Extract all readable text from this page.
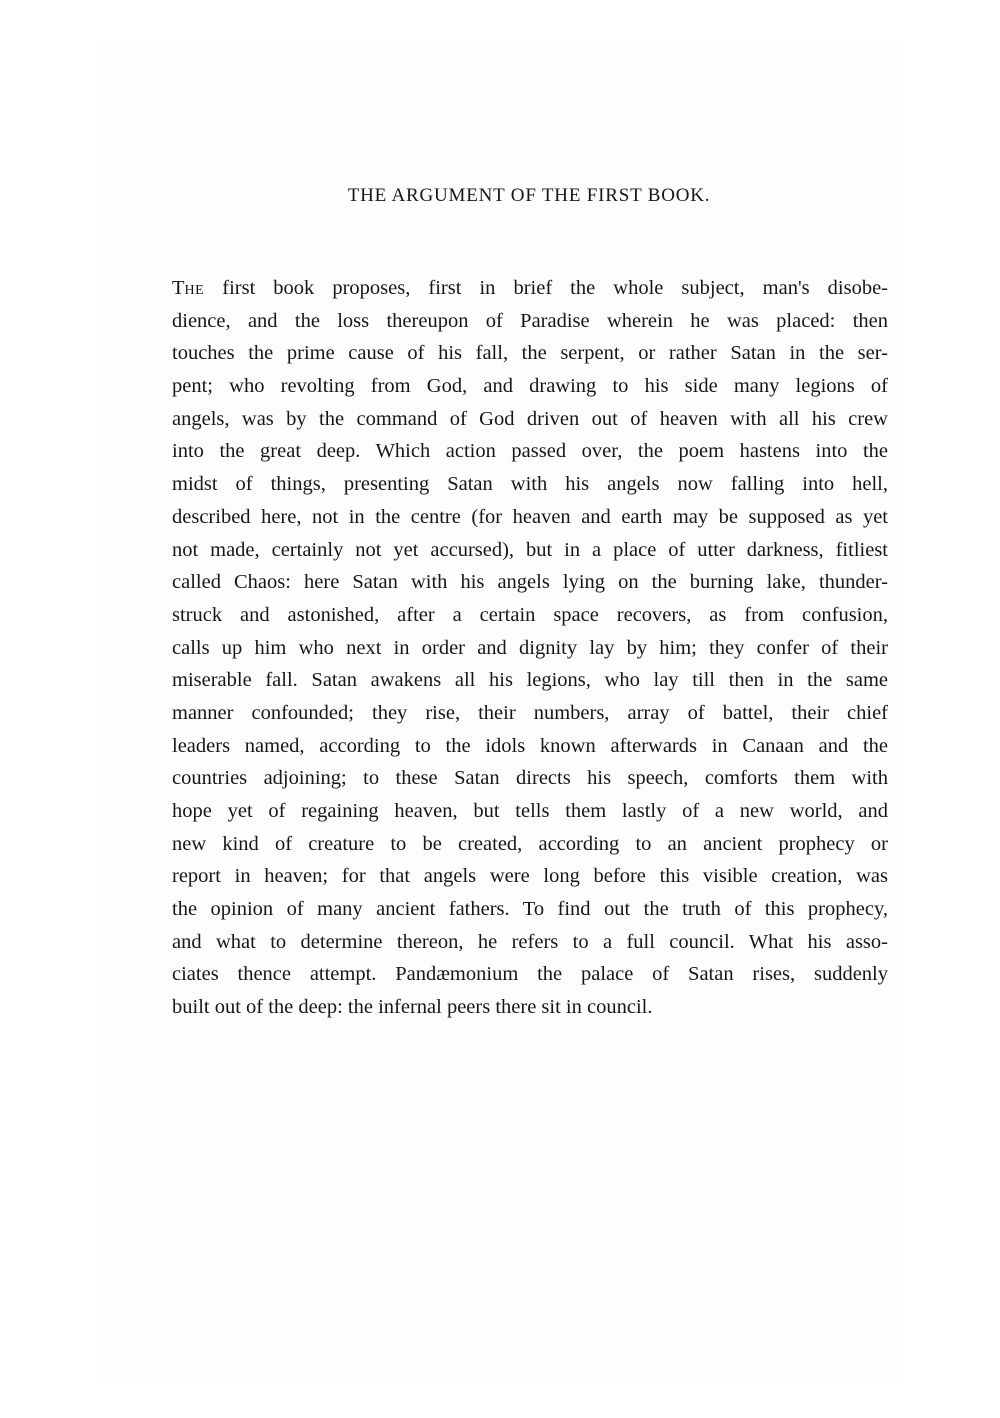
THE ARGUMENT OF THE FIRST BOOK.
THE first book proposes, first in brief the whole subject, man's disobe-
dience, and the loss thereupon of Paradise wherein he was placed: then
touches the prime cause of his fall, the serpent, or rather Satan in the ser-
pent; who revolting from God, and drawing to his side many legions of
angels, was by the command of God driven out of heaven with all his crew
into the great deep. Which action passed over, the poem hastens into the
midst of things, presenting Satan with his angels now falling into hell,
described here, not in the centre (for heaven and earth may be supposed as yet
not made, certainly not yet accursed), but in a place of utter darkness, fitliest
called Chaos: here Satan with his angels lying on the burning lake, thunder-
struck and astonished, after a certain space recovers, as from confusion,
calls up him who next in order and dignity lay by him; they confer of their
miserable fall. Satan awakens all his legions, who lay till then in the same
manner confounded; they rise, their numbers, array of battel, their chief
leaders named, according to the idols known afterwards in Canaan and the
countries adjoining; to these Satan directs his speech, comforts them with
hope yet of regaining heaven, but tells them lastly of a new world, and
new kind of creature to be created, according to an ancient prophecy or
report in heaven; for that angels were long before this visible creation, was
the opinion of many ancient fathers. To find out the truth of this prophecy,
and what to determine thereon, he refers to a full council. What his asso-
ciates thence attempt. Pandæmonium the palace of Satan rises, suddenly
built out of the deep: the infernal peers there sit in council.
